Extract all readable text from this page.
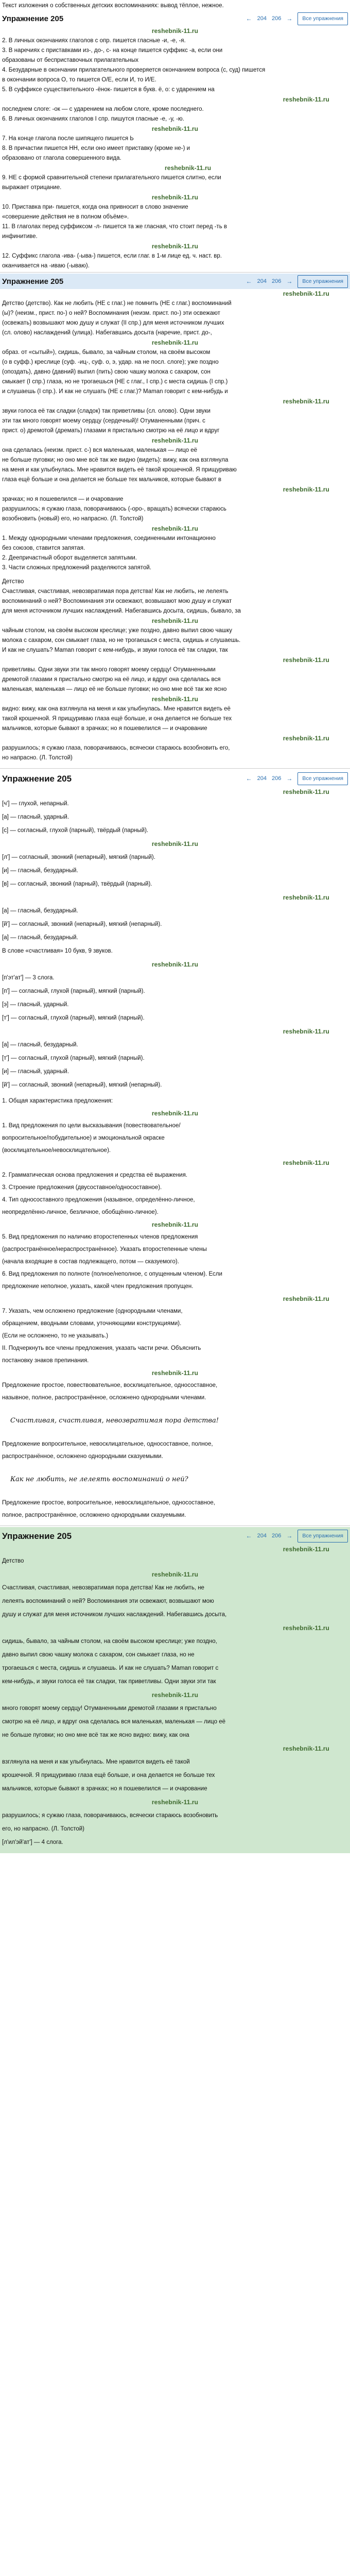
Текст изложения о собственных детских воспоминаниях: вывод тёплое, нежное.

Упражнение 205	← 204 206 →	Все упражнения
reshebnik-11.ru

2. В личных окончаниях глаголов с опр. пишется гласные -и, -е, -я.

3. В наречиях с приставками из-, до-, с- на конце пишется суффикс -а, если они

образованы от бесприставочных прилагательных

4. Безударные в окончании прилагательного проверяется окончанием вопроса (с, суд) пишется

в окончании вопроса О, то пишется О/Е, если И, то И/Е.

5. В суффиксе существительного -ёнок- пишется в букв. ё, о: с ударением на

reshebnik-11.ru

последнем слоге: -ок — с ударением на любом слоге, кроме последнего.

6. В личных окончаниях глаголов I спр. пишутся гласные -е, -у, -ю.

reshebnik-11.ru

7. На конце глагола после шипящего пишется Ь

8. В причастии пишется НН, если оно имеет приставку (кроме не-) и

образовано от глагола совершенного вида.

reshebnik-11.ru

9. НЕ с формой сравнительной степени прилагательного пишется слитно, если

выражает отрицание.

reshebnik-11.ru

10. Приставка при- пишется, когда она привносит в слово значение

«совершение действия не в полном объёме».

11. В глаголах перед суффиксом -л- пишется та же гласная, что стоит перед -ть в

инфинитиве.

reshebnik-11.ru

12. Суффикс глагола -ива- (-ыва-) пишется, если глаг. в 1-м лице ед. ч. наст. вр.

оканчивается на -иваю (-ываю).

Упражнение 205	← 204 206 →	Все упражнения
reshebnik-11.ru

Детство (детство). Как не любить (НЕ с глаг.) не помнить (НЕ с глаг.) воспоминаний

(ы)? (неизм., прист. по-) о ней? Воспоминания (неизм. прист. по-) эти освежают

(освежать) возвышают мою душу и служат (II спр.) для меня источником лучших

(сл. олово) наслаждений (улица). Набегавшись досыта (наречие, прист. до-,

reshebnik-11.ru

образ. от «сытый»), сидишь, бывало, за чайным столом, на своём высоком

(о в суфф.) креслице (суф. -иц-, суф. о, э, удар. на не посл. слоге); уже поздно

(опоздать), давно (давний) выпил (пить) свою чашку молока с сахаром, сон

смыкает (I спр.) глаза, но не трогаешься (НЕ с глаг., I спр.) с места сидишь (I спр.)

и слушаешь (I спр.). И как не слушать (НЕ с глаг.)? Маman говорит с кем-нибудь и

reshebnik-11.ru

звуки голоса её так сладки (сладок) так приветливы (сл. олово). Одни звуки

эти так много говорят моему сердцу (сердечный)! Отуманенными (прич. с

прист. о) дремотой (дремать) глазами я пристально смотрю на её лицо и вдруг

reshebnik-11.ru

она сделалась (неизм. прист. с-) вся маленькая, маленькая — лицо её

не больше пуговки; но оно мне всё так же видно (видеть): вижу, как она взглянула

на меня и как улыбнулась. Мне нравится видеть её такой крошечной. Я прищуриваю

глаза ещё больше и она делается не больше тех мальчиков, которые бывают в

reshebnik-11.ru

зрачках; но я пошевелился — и очарование

разрушилось; я сужаю глаза, поворачиваюсь (-оро-, вращать) всячески стараюсь

возобновить (новый) его, но напрасно. (Л. Толстой)

reshebnik-11.ru

1. Между однородными членами предложения, соединенными интонационно

без союзов, ставится запятая.

2. Деепричастный оборот выделяется запятыми.

3. Части сложных предложений разделяются запятой.

Детство

Счастливая, счастливая, невозвратимая пора детства! Как не любить, не лелеять

воспоминаний о ней? Воспоминания эти освежают, возвышают мою душу и служат

для меня источником лучших наслаждений. Набегавшись досыта, сидишь, бывало, за

reshebnik-11.ru

чайным столом, на своём высоком креслице; уже поздно, давно выпил свою чашку

молока с сахаром, сон смыкает глаза, но не трогаешься с места, сидишь и слушаешь.

И как не слушать? Maman говорит с кем-нибудь, и звуки голоса её так сладки, так

reshebnik-11.ru

приветливы. Одни звуки эти так много говорят моему сердцу! Отуманенными

дремотой глазами я пристально смотрю на её лицо, и вдруг она сделалась вся

маленькая, маленькая — лицо её не больше пуговки; но оно мне всё так же ясно

reshebnik-11.ru

видно: вижу, как она взглянула на меня и как улыбнулась. Мне нравится видеть её

такой крошечной. Я прищуриваю глаза ещё больше, и она делается не больше тех

мальчиков, которые бывают в зрачках; но я пошевелился — и очарование

reshebnik-11.ru

разрушилось; я сужаю глаза, поворачиваюсь, всячески стараюсь возобновить его,

но напрасно. (Л. Толстой)

Упражнение 205	← 204 206 →	Все упражнения
reshebnik-11.ru

[ч'] — глухой, непарный.

[а] — гласный, ударный.

[с] — согласный, глухой (парный), твёрдый (парный).

reshebnik-11.ru

[л'] — согласный, звонкий (непарный), мягкий (парный).

[и] — гласный, безударный.

[в] — согласный, звонкий (парный), твёрдый (парный).

reshebnik-11.ru

[а] — гласный, безударный.

[й'] — согласный, звонкий (непарный), мягкий (непарный).

[а] — гласный, безударный.

В слове «счастливая» 10 букв, 9 звуков.

reshebnik-11.ru

[п'эт'ат'] — 3 слога.

[п'] — согласный, глухой (парный), мягкий (парный).

[э] — гласный, ударный.

[т'] — согласный, глухой (парный), мягкий (парный).

reshebnik-11.ru

[а] — гласный, безударный.

[т'] — согласный, глухой (парный), мягкий (парный).

[и] — гласный, ударный.

[й'] — согласный, звонкий (непарный), мягкий (непарный).

1. Общая характеристика предложения:

reshebnik-11.ru

1. Вид предложения по цели высказывания (повествовательное/

вопросительное/побудительное) и эмоциональной окраске

(восклицательное/невосклицательное).

reshebnik-11.ru

2. Грамматическая основа предложения и средства её выражения.

3. Строение предложения (двусоставное/односоставное).

4. Тип односоставного предложения (назывное, определённо-личное,

неопределённо-личное, безличное, обобщённо-личное).

reshebnik-11.ru

5. Вид предложения по наличию второстепенных членов предложения

(распространённое/нераспространённое). Указать второстепенные члены

(начала входящие в состав подлежащего, потом — сказуемого).

6. Вид предложения по полноте (полное/неполное, с опущенным членом). Если

предложение неполное, указать, какой член предложения пропущен.

reshebnik-11.ru

7. Указать, чем осложнено предложение (однородными членами,

обращением, вводными словами, уточняющими конструкциями).

(Если не осложнено, то не указывать.)

II. Подчеркнуть все члены предложения, указать части речи. Объяснить

постановку знаков препинания.

reshebnik-11.ru

Предложение простое, повествовательное, восклицательное, односоставное,

назывное, полное, распространённое, осложнено однородными членами.

Счастливая, счастливая, невозвратимая пора детства!

Предложение вопросительное, невосклицательное, односоставное, полное,

распространённое, осложнено однородными сказуемыми.

Как не любить, не лелеять воспоминаний о ней?

Предложение простое, вопросительное, невосклицательное, односоставное,

полное, распространённое, осложнено однородными сказуемыми.

Упражнение 205	← 204 206 →	Все упражнения
reshebnik-11.ru

Детство

reshebnik-11.ru

Счастливая, счастливая, невозвратимая пора детства! Как не любить, не

лелеять воспоминаний о ней? Воспоминания эти освежают, возвышают мою

душу и служат для меня источником лучших наслаждений. Набегавшись досыта,

reshebnik-11.ru

сидишь, бывало, за чайным столом, на своём высоком креслице; уже поздно,

давно выпил свою чашку молока с сахаром, сон смыкает глаза, но не

трогаешься с места, сидишь и слушаешь. И как не слушать? Maman говорит с

кем-нибудь, и звуки голоса её так сладки, так приветливы. Одни звуки эти так

reshebnik-11.ru

много говорят моему сердцу! Отуманенными дремотой глазами я пристально

смотрю на её лицо, и вдруг она сделалась вся маленькая, маленькая — лицо её

не больше пуговки; но оно мне всё так же ясно видно: вижу, как она

reshebnik-11.ru

взглянула на меня и как улыбнулась. Мне нравится видеть её такой

крошечной. Я прищуриваю глаза ещё больше, и она делается не больше тех

мальчиков, которые бывают в зрачках; но я пошевелился — и очарование

reshebnik-11.ru

разрушилось; я сужаю глаза, поворачиваюсь, всячески стараюсь возобновить

его, но напрасно. (Л. Толстой)

[л'ил'эй'ат'] — 4 слога.
